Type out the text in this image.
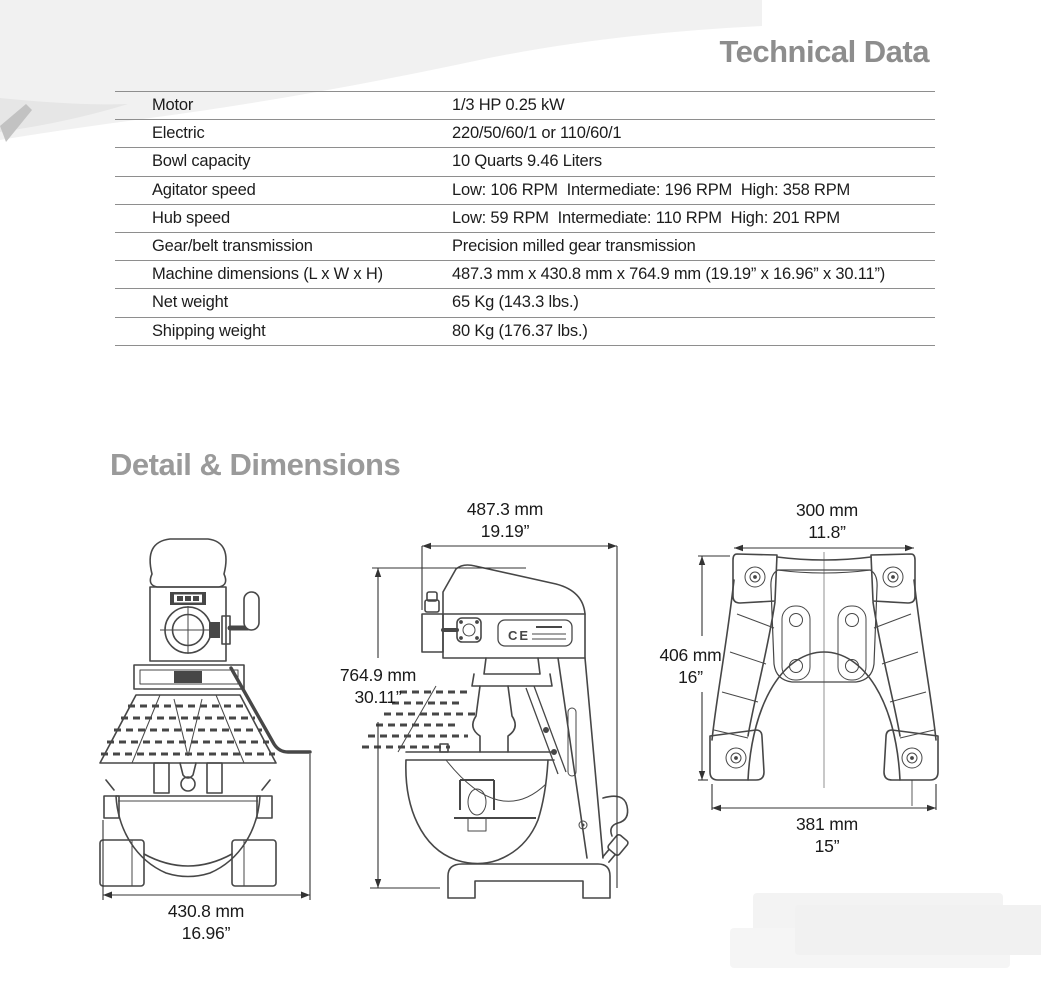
Technical Data
Motor	1/3 HP 0.25 kW
Electric	220/50/60/1 or 110/60/1
Bowl capacity	10 Quarts 9.46 Liters
Agitator speed	Low: 106 RPM  Intermediate: 196 RPM  High: 358 RPM
Hub speed	Low: 59 RPM  Intermediate: 110 RPM  High: 201 RPM
Gear/belt transmission	Precision milled gear transmission
Machine dimensions (L x W x H)	487.3 mm x 430.8 mm x 764.9 mm (19.19” x 16.96” x 30.11”)
Net weight	65 Kg (143.3 lbs.)
Shipping weight	80 Kg (176.37 lbs.)
Detail & Dimensions
430.8 mm
16.96”
CE
487.3 mm
19.19”
764.9 mm
30.11”
300 mm
11.8”
406 mm
16”
381 mm
15”
